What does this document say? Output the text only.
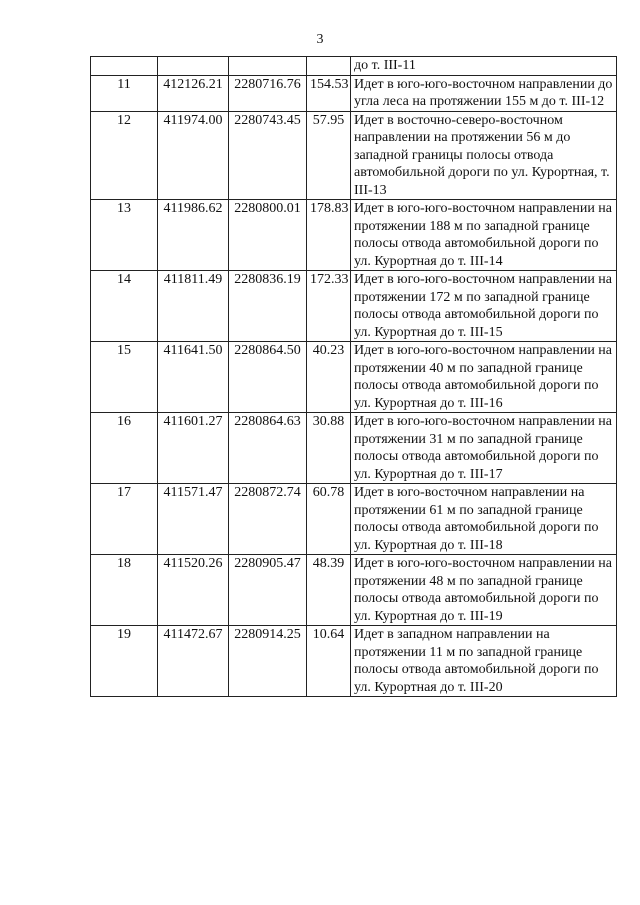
3
				до т. III-11
11	412126.21	2280716.76	154.53	Идет в юго-юго-восточном направлении до угла леса на протяжении 155 м до т. III-12
12	411974.00	2280743.45	57.95	Идет в восточно-северо-восточном направлении на протяжении 56 м до западной границы полосы отвода автомобильной дороги по ул. Курортная, т. III-13
13	411986.62	2280800.01	178.83	Идет в юго-юго-восточном направлении на протяжении 188 м по западной границе полосы отвода автомобильной дороги по ул. Курортная до т. III-14
14	411811.49	2280836.19	172.33	Идет в юго-юго-восточном направлении на протяжении 172 м по западной границе полосы отвода автомобильной дороги по ул. Курортная до т. III-15
15	411641.50	2280864.50	40.23	Идет в юго-юго-восточном направлении на протяжении 40 м по западной границе полосы отвода автомобильной дороги по ул. Курортная до т. III-16
16	411601.27	2280864.63	30.88	Идет в юго-юго-восточном направлении на протяжении 31 м по западной границе полосы отвода автомобильной дороги по ул. Курортная до т. III-17
17	411571.47	2280872.74	60.78	Идет в юго-восточном направлении на протяжении 61 м по западной границе полосы отвода автомобильной дороги по ул. Курортная до т. III-18
18	411520.26	2280905.47	48.39	Идет в юго-юго-восточном направлении на протяжении 48 м по западной границе полосы отвода автомобильной дороги по ул. Курортная до т. III-19
19	411472.67	2280914.25	10.64	Идет в западном направлении на протяжении 11 м по западной границе полосы отвода автомобильной дороги по ул. Курортная до т. III-20
